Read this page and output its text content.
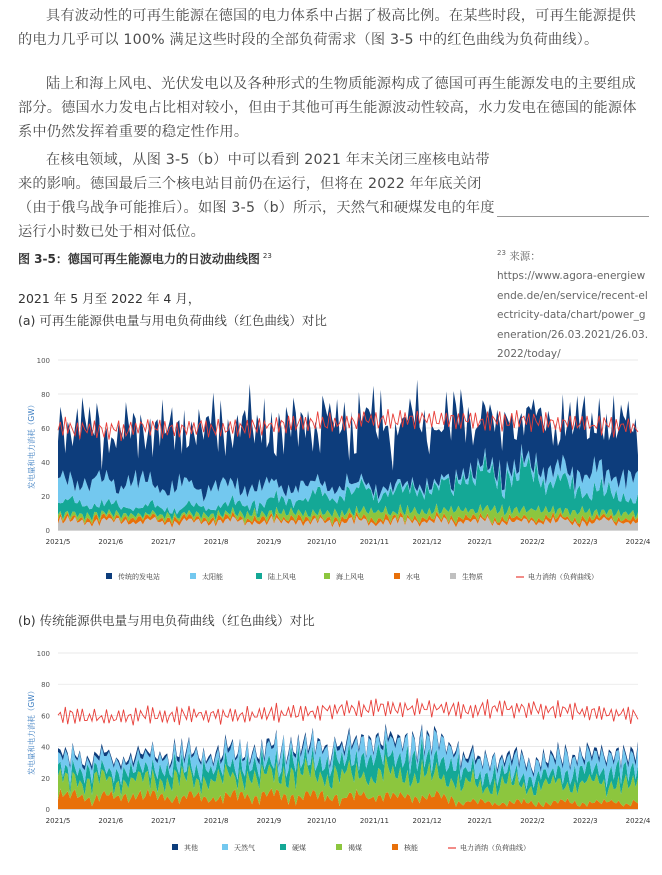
具有波动性的可再生能源在德国的电力体系中占据了极高比例。在某些时段，可再生能源提供的电力几乎可以 100% 满足这些时段的全部负荷需求（图 3-5 中的红色曲线为负荷曲线）。

陆上和海上风电、光伏发电以及各种形式的生物质能源构成了德国可再生能源发电的主要组成部分。德国水力发电占比相对较小，但由于其他可再生能源波动性较高，水力发电在德国的能源体系中仍然发挥着重要的稳定性作用。

在核电领域，从图 3-5（b）中可以看到 2021 年末关闭三座核电站带来的影响。德国最后三个核电站目前仍在运行，但将在 2022 年年底关闭（由于俄乌战争可能推后）。如图 3-5（b）所示，天然气和硬煤发电的年度运行小时数已处于相对低位。

图 3-5：德国可再生能源电力的日波动曲线图 $^{23}$	$^{23}$ 来源：
https://www.agora-energiewende.de/en/service/recent-electricity-data/chart/power_generation/26.03.2021/26.03.2022/today/
2021 年 5 月至 2022 年 4 月，
(a) 可再生能源供电量与用电负荷曲线（红色曲线）对比
(b) 传统能源供电量与用电负荷曲线（红色曲线）对比
0
20
40
60
80
100
发电量和电力消耗（GW）
2021/5	2021/6	2021/7	2021/8	2021/9	2021/10	2021/11	2021/12	2022/1	2022/2	2022/3	2022/4
传统的发电站	太阳能	陆上风电	海上风电	水电	生物质	电力消纳（负荷曲线）
0
20
40
60
80
100
发电量和电力消耗（GW）
2021/5	2021/6	2021/7	2021/8	2021/9	2021/10	2021/11	2021/12	2022/1	2022/2	2022/3	2022/4
其他	天然气	硬煤	褐煤	核能	电力消纳（负荷曲线）
